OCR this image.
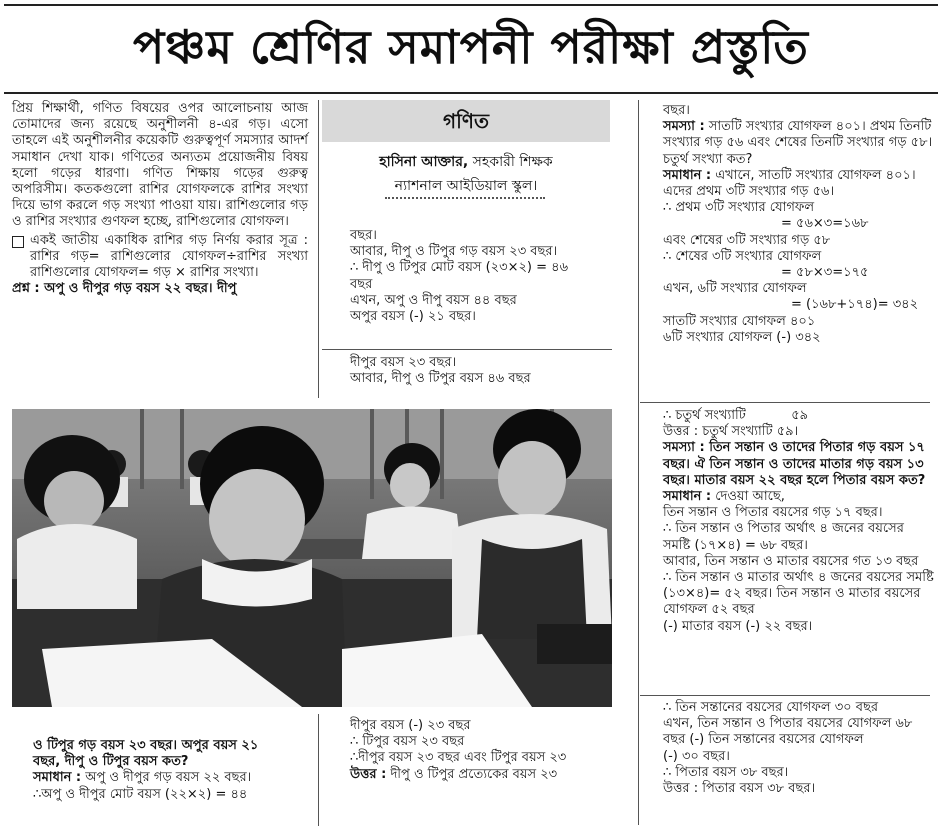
পঞ্চম শ্রেণির সমাপনী পরীক্ষা প্রস্তুতি

প্রিয় শিক্ষার্থী, গণিত বিষয়ের ওপর আলোচনায় আজ তোমাদের জন্য রয়েছে অনুশীলনী ৪-এর গড়। এসো তাহলে এই অনুশীলনীর কয়েকটি গুরুত্বপূর্ণ সমস্যার আদর্শ সমাধান দেখা যাক। গণিতের অন্যতম প্রয়োজনীয় বিষয় হলো গড়ের ধারণা। গণিত শিক্ষায় গড়ের গুরুত্ব অপরিসীম। কতকগুলো রাশির যোগফলকে রাশির সংখ্যা দিয়ে ভাগ করলে গড় সংখ্যা পাওয়া যায়। রাশিগুলোর গড় ও রাশির সংখ্যার গুণফল হচ্ছে, রাশিগুলোর যোগফল।

একই জাতীয় একাধিক রাশির গড় নির্ণয় করার সূত্র : রাশির গড়= রাশিগুলোর যোগফল÷রাশির সংখ্যা রাশিগুলোর যোগফল= গড় × রাশির সংখ্যা।

প্রশ্ন : অপু ও দীপুর গড় বয়স ২২ বছর। দীপু

গণিত
হাসিনা আক্তার, সহকারী শিক্ষক
ন্যাশনাল আইডিয়াল স্কুল।

বছর।

আবার, দীপু ও টিপুর গড় বয়স ২৩ বছর।

∴ দীপু ও টিপুর মোট বয়স (২৩×২) = ৪৬

বছর

এখন, অপু ও দীপু বয়স ৪৪ বছর

অপুর বয়স (-) ২১ বছর।

দীপুর বয়স ২৩ বছর।

আবার, দীপু ও টিপুর বয়স ৪৬ বছর

ও টিপুর গড় বয়স ২৩ বছর। অপুর বয়স ২১

বছর, দীপু ও টিপুর বয়স কত?

সমাধান : অপু ও দীপুর গড় বয়স ২২ বছর।

∴অপু ও দীপুর মোট বয়স (২২×২) = ৪৪

দীপুর বয়স (-) ২৩ বছর

∴ টিপুর বয়স ২৩ বছর

∴দীপুর বয়স ২৩ বছর এবং টিপুর বয়স ২৩

উত্তর : দীপু ও টিপুর প্রত্যেকের বয়স ২৩

বছর।

সমস্যা : সাতটি সংখ্যার যোগফল ৪০১। প্রথম তিনটি সংখ্যার গড় ৫৬ এবং শেষের তিনটি সংখ্যার গড় ৫৮। চতুর্থ সংখ্যা কত?

সমাধান : এখানে, সাতটি সংখ্যার যোগফল ৪০১।

এদের প্রথম ৩টি সংখ্যার গড় ৫৬।

∴ প্রথম ৩টি সংখ্যার যোগফল

= ৫৬×৩=১৬৮

এবং শেষের ৩টি সংখ্যার গড় ৫৮

∴ শেষের ৩টি সংখ্যার যোগফল

= ৫৮×৩=১৭৫

এখন, ৬টি সংখ্যার যোগফল

= (১৬৮+১৭৪)= ৩৪২

সাতটি সংখ্যার যোগফল ৪০১

৬টি সংখ্যার যোগফল (-) ৩৪২

∴ চতুর্থ সংখ্যাটি           ৫৯

উত্তর : চতুর্থ সংখ্যাটি ৫৯।

সমস্যা : তিন সন্তান ও তাদের পিতার গড় বয়স ১৭ বছর। ঐ তিন সন্তান ও তাদের মাতার গড় বয়স ১৩ বছর। মাতার বয়স ২২ বছর হলে পিতার বয়স কত?

সমাধান : দেওয়া আছে,

তিন সন্তান ও পিতার বয়সের গড় ১৭ বছর।

∴ তিন সন্তান ও পিতার অর্থাৎ ৪ জনের বয়সের সমষ্টি (১৭×৪) = ৬৮ বছর।

আবার, তিন সন্তান ও মাতার বয়সের গত ১৩ বছর

∴ তিন সন্তান ও মাতার অর্থাৎ ৪ জনের বয়সের সমষ্টি (১৩×৪)= ৫২ বছর। তিন সন্তান ও মাতার বয়সের যোগফল ৫২ বছর

(-) মাতার বয়স (-) ২২ বছর।

∴ তিন সন্তানের বয়সের যোগফল ৩০ বছর

এখন, তিন সন্তান ও পিতার বয়সের যোগফল ৬৮ বছর (-) তিন সন্তানের বয়সের যোগফল

(-) ৩০ বছর।

∴ পিতার বয়স ৩৮ বছর।

উত্তর : পিতার বয়স ৩৮ বছর।
